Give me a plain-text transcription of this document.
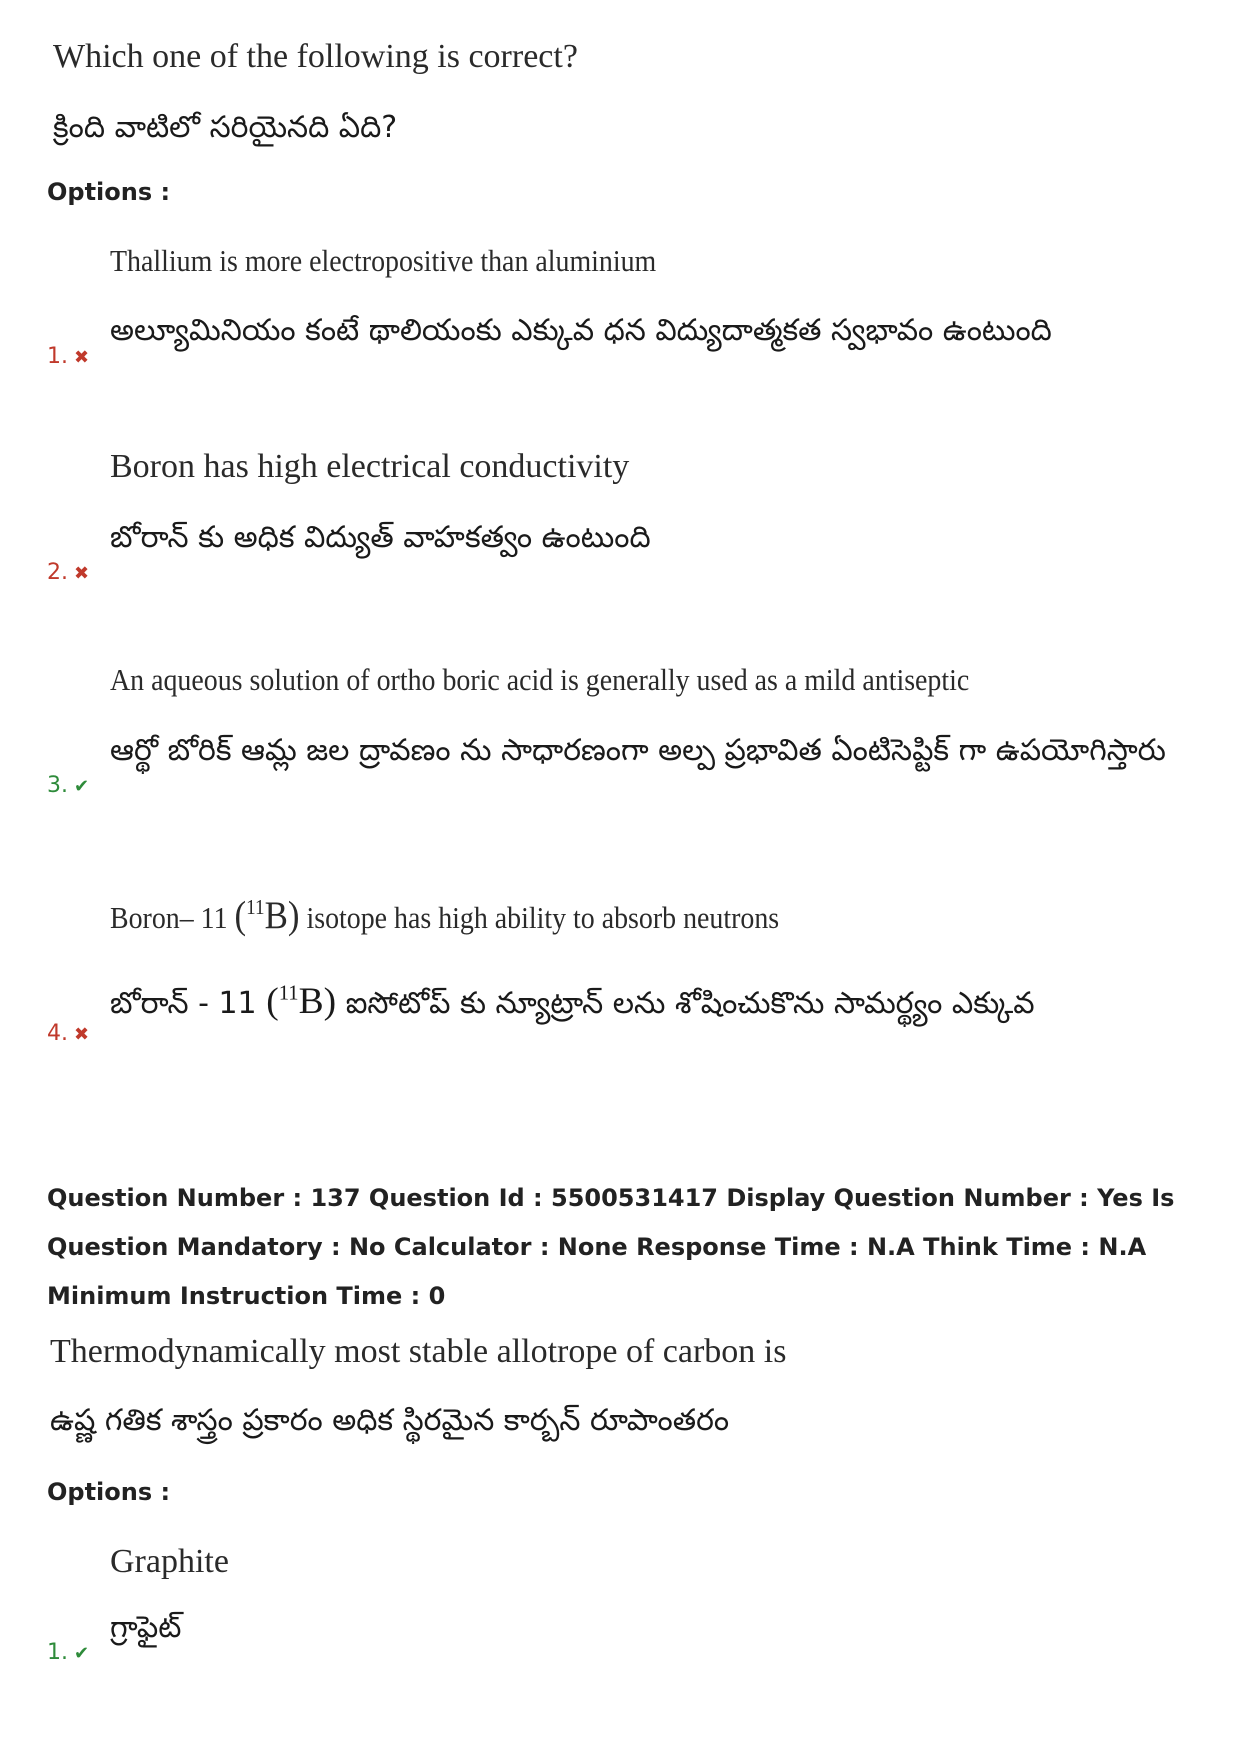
Which one of the following is correct?
క్రింది వాటిలో సరియైనది ఏది?
Options :
Thallium is more electropositive than aluminium
అల్యూమినియం కంటే థాలియంకు ఎక్కువ ధన విద్యుదాత్మకత స్వభావం ఉంటుంది
1. ✖
Boron has high electrical conductivity
బోరాన్ కు అధిక విద్యుత్ వాహకత్వం ఉంటుంది
2. ✖
An aqueous solution of ortho boric acid is generally used as a mild antiseptic
ఆర్థో బోరిక్ ఆమ్ల జల ద్రావణం ను సాధారణంగా అల్ప ప్రభావిత ఏంటిసెప్టిక్ గా ఉపయోగిస్తారు
3. ✔
Boron– 11 ($^{11}$B) isotope has high ability to absorb neutrons
బోరాన్ - 11 ($^{11}$B) ఐసోటోప్ కు న్యూట్రాన్ లను శోషించుకొను సామర్థ్యం ఎక్కువ
4. ✖
Question Number : 137 Question Id : 5500531417 Display Question Number : Yes Is Question Mandatory : No Calculator : None Response Time : N.A Think Time : N.A Minimum Instruction Time : 0
Thermodynamically most stable allotrope of carbon is
ఉష్ణ గతిక శాస్త్రం ప్రకారం అధిక స్థిరమైన కార్బన్ రూపాంతరం
Options :
Graphite
గ్రాఫైట్
1. ✔
